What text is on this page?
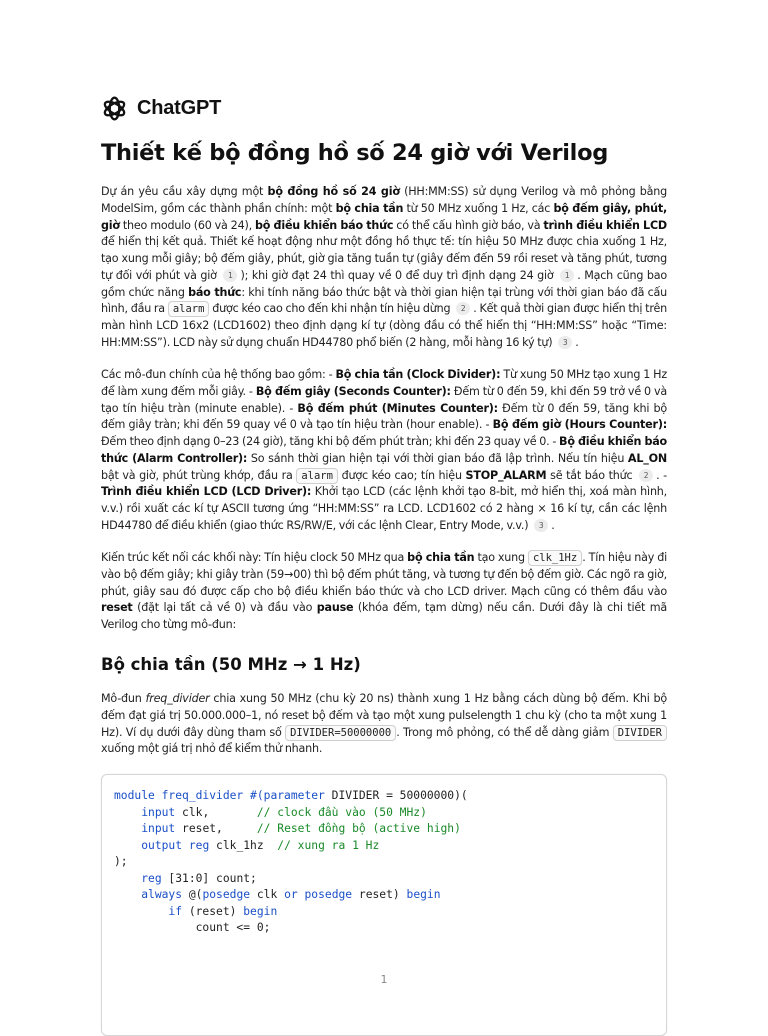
ChatGPT
Thiết kế bộ đồng hồ số 24 giờ với Verilog

Dự án yêu cầu xây dựng một bộ đồng hồ số 24 giờ (HH:MM:SS) sử dụng Verilog và mô phỏng bằng ModelSim, gồm các thành phần chính: một bộ chia tần từ 50 MHz xuống 1 Hz, các bộ đếm giây, phút, giờ theo modulo (60 và 24), bộ điều khiển báo thức có thể cấu hình giờ báo, và trình điều khiển LCD để hiển thị kết quả. Thiết kế hoạt động như một đồng hồ thực tế: tín hiệu 50 MHz được chia xuống 1 Hz, tạo xung mỗi giây; bộ đếm giây, phút, giờ gia tăng tuần tự (giây đếm đến 59 rồi reset và tăng phút, tương tự đối với phút và giờ 1 ); khi giờ đạt 24 thì quay về 0 để duy trì định dạng 24 giờ 1 . Mạch cũng bao gồm chức năng báo thức: khi tính năng báo thức bật và thời gian hiện tại trùng với thời gian báo đã cấu hình, đầu ra alarm được kéo cao cho đến khi nhận tín hiệu dừng 2 . Kết quả thời gian được hiển thị trên màn hình LCD 16x2 (LCD1602) theo định dạng kí tự (dòng đầu có thể hiển thị “HH:MM:SS” hoặc “Time: HH:MM:SS”). LCD này sử dụng chuẩn HD44780 phổ biến (2 hàng, mỗi hàng 16 ký tự) 3 .

Các mô-đun chính của hệ thống bao gồm: - Bộ chia tần (Clock Divider): Từ xung 50 MHz tạo xung 1 Hz để làm xung đếm mỗi giây. - Bộ đếm giây (Seconds Counter): Đếm từ 0 đến 59, khi đến 59 trở về 0 và tạo tín hiệu tràn (minute enable). - Bộ đếm phút (Minutes Counter): Đếm từ 0 đến 59, tăng khi bộ đếm giây tràn; khi đến 59 quay về 0 và tạo tín hiệu tràn (hour enable). - Bộ đếm giờ (Hours Counter): Đếm theo định dạng 0–23 (24 giờ), tăng khi bộ đếm phút tràn; khi đến 23 quay về 0. - Bộ điều khiển báo thức (Alarm Controller): So sánh thời gian hiện tại với thời gian báo đã lập trình. Nếu tín hiệu AL_ON bật và giờ, phút trùng khớp, đầu ra alarm được kéo cao; tín hiệu STOP_ALARM sẽ tắt báo thức 2 . - Trình điều khiển LCD (LCD Driver): Khởi tạo LCD (các lệnh khởi tạo 8-bit, mở hiển thị, xoá màn hình, v.v.) rồi xuất các kí tự ASCII tương ứng “HH:MM:SS” ra LCD. LCD1602 có 2 hàng × 16 kí tự, cần các lệnh HD44780 để điều khiển (giao thức RS/RW/E, với các lệnh Clear, Entry Mode, v.v.) 3 .

Kiến trúc kết nối các khối này: Tín hiệu clock 50 MHz qua bộ chia tần tạo xung clk_1Hz . Tín hiệu này đi vào bộ đếm giây; khi giây tràn (59→00) thì bộ đếm phút tăng, và tương tự đến bộ đếm giờ. Các ngõ ra giờ, phút, giây sau đó được cấp cho bộ điều khiển báo thức và cho LCD driver. Mạch cũng có thêm đầu vào reset (đặt lại tất cả về 0) và đầu vào pause (khóa đếm, tạm dừng) nếu cần. Dưới đây là chi tiết mã Verilog cho từng mô-đun:

Bộ chia tần (50 MHz → 1 Hz)

Mô-đun freq_divider chia xung 50 MHz (chu kỳ 20 ns) thành xung 1 Hz bằng cách dùng bộ đếm. Khi bộ đếm đạt giá trị 50.000.000–1, nó reset bộ đếm và tạo một xung pulselength 1 chu kỳ (cho ta một xung 1 Hz). Ví dụ dưới đây dùng tham số DIVIDER=50000000 . Trong mô phỏng, có thể dễ dàng giảm DIVIDER xuống một giá trị nhỏ để kiểm thử nhanh.

module freq_divider #(parameter DIVIDER = 50000000)(
input clk,       // clock đầu vào (50 MHz)
input reset,     // Reset đồng bộ (active high)
output reg clk_1hz  // xung ra 1 Hz
);
reg [31:0] count;
always @(posedge clk or posedge reset) begin
if (reset) begin
count <= 0;
1
